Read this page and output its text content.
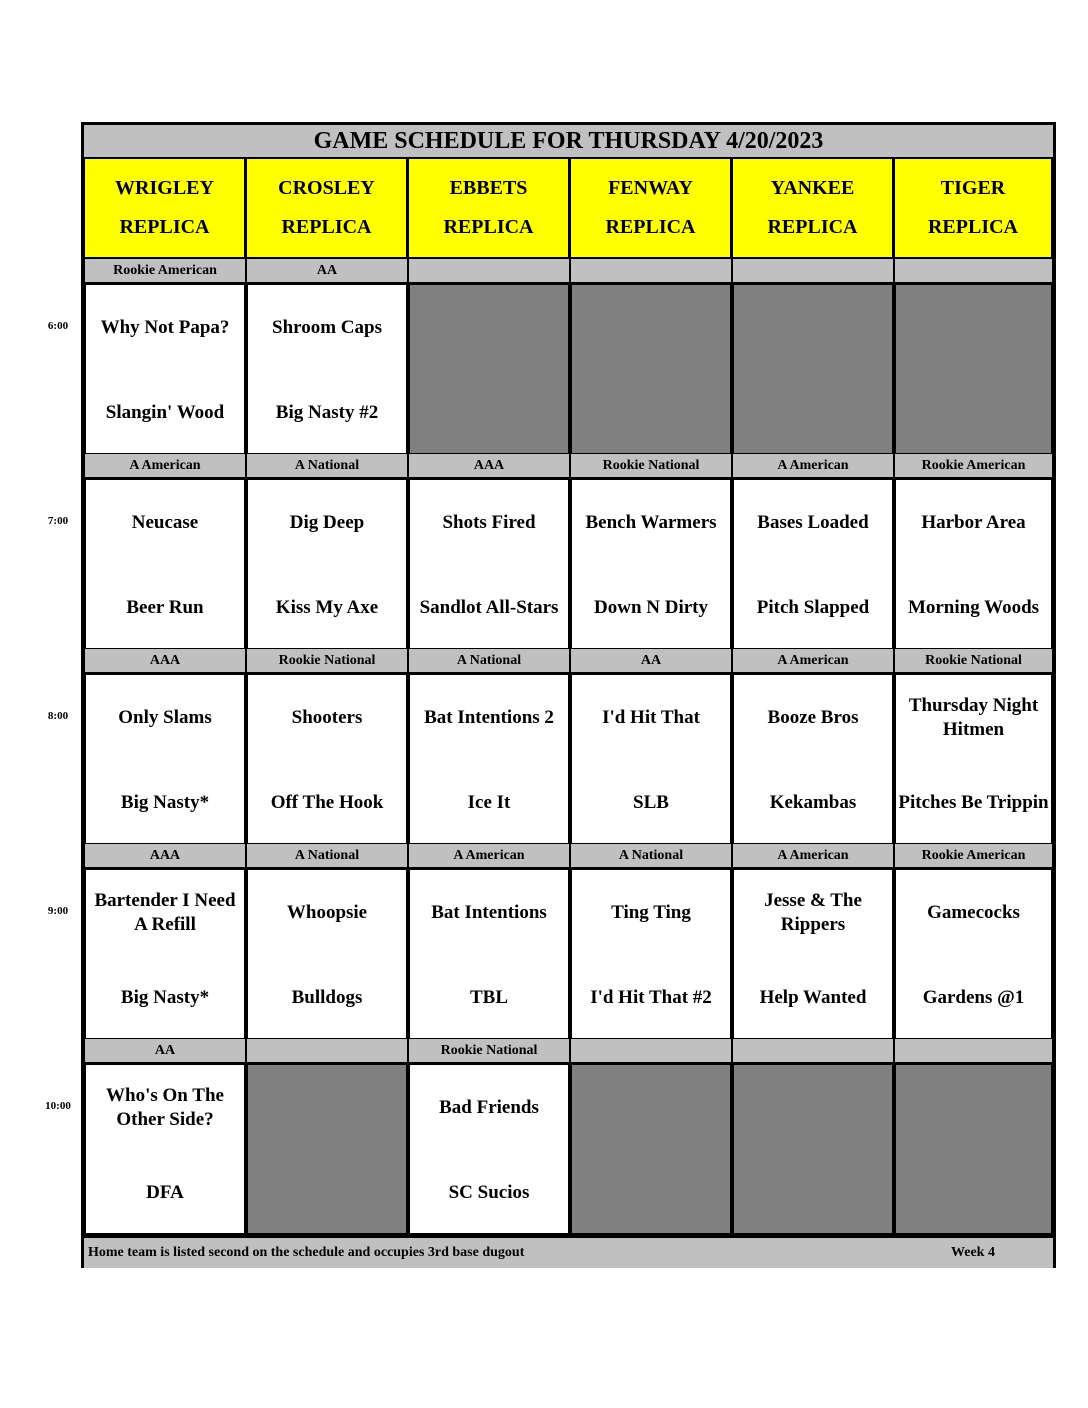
GAME SCHEDULE FOR THURSDAY 4/20/2023
WRIGLEY
REPLICA
CROSLEY
REPLICA
EBBETS
REPLICA
FENWAY
REPLICA
YANKEE
REPLICA
TIGER
REPLICA
Rookie American
Why Not Papa?
Slangin' Wood
AA
Shroom Caps
Big Nasty #2
A American
Neucase
Beer Run
A National
Dig Deep
Kiss My Axe
AAA
Shots Fired
Sandlot All-Stars
Rookie National
Bench Warmers
Down N Dirty
A American
Bases Loaded
Pitch Slapped
Rookie American
Harbor Area
Morning Woods
AAA
Only Slams
Big Nasty*
Rookie National
Shooters
Off The Hook
A National
Bat Intentions 2
Ice It
AA
I'd Hit That
SLB
A American
Booze Bros
Kekambas
Rookie National
Thursday Night Hitmen
Pitches Be Trippin
AAA
Bartender I Need A Refill
Big Nasty*
A National
Whoopsie
Bulldogs
A American
Bat Intentions
TBL
A National
Ting Ting
I'd Hit That #2
A American
Jesse & The Rippers
Help Wanted
Rookie American
Gamecocks
Gardens @1
AA
Who's On The Other Side?
DFA
Rookie National
Bad Friends
SC Sucios
Home team is listed second on the schedule and occupies 3rd base dugout	Week 4
6:00
7:00
8:00
9:00
10:00
